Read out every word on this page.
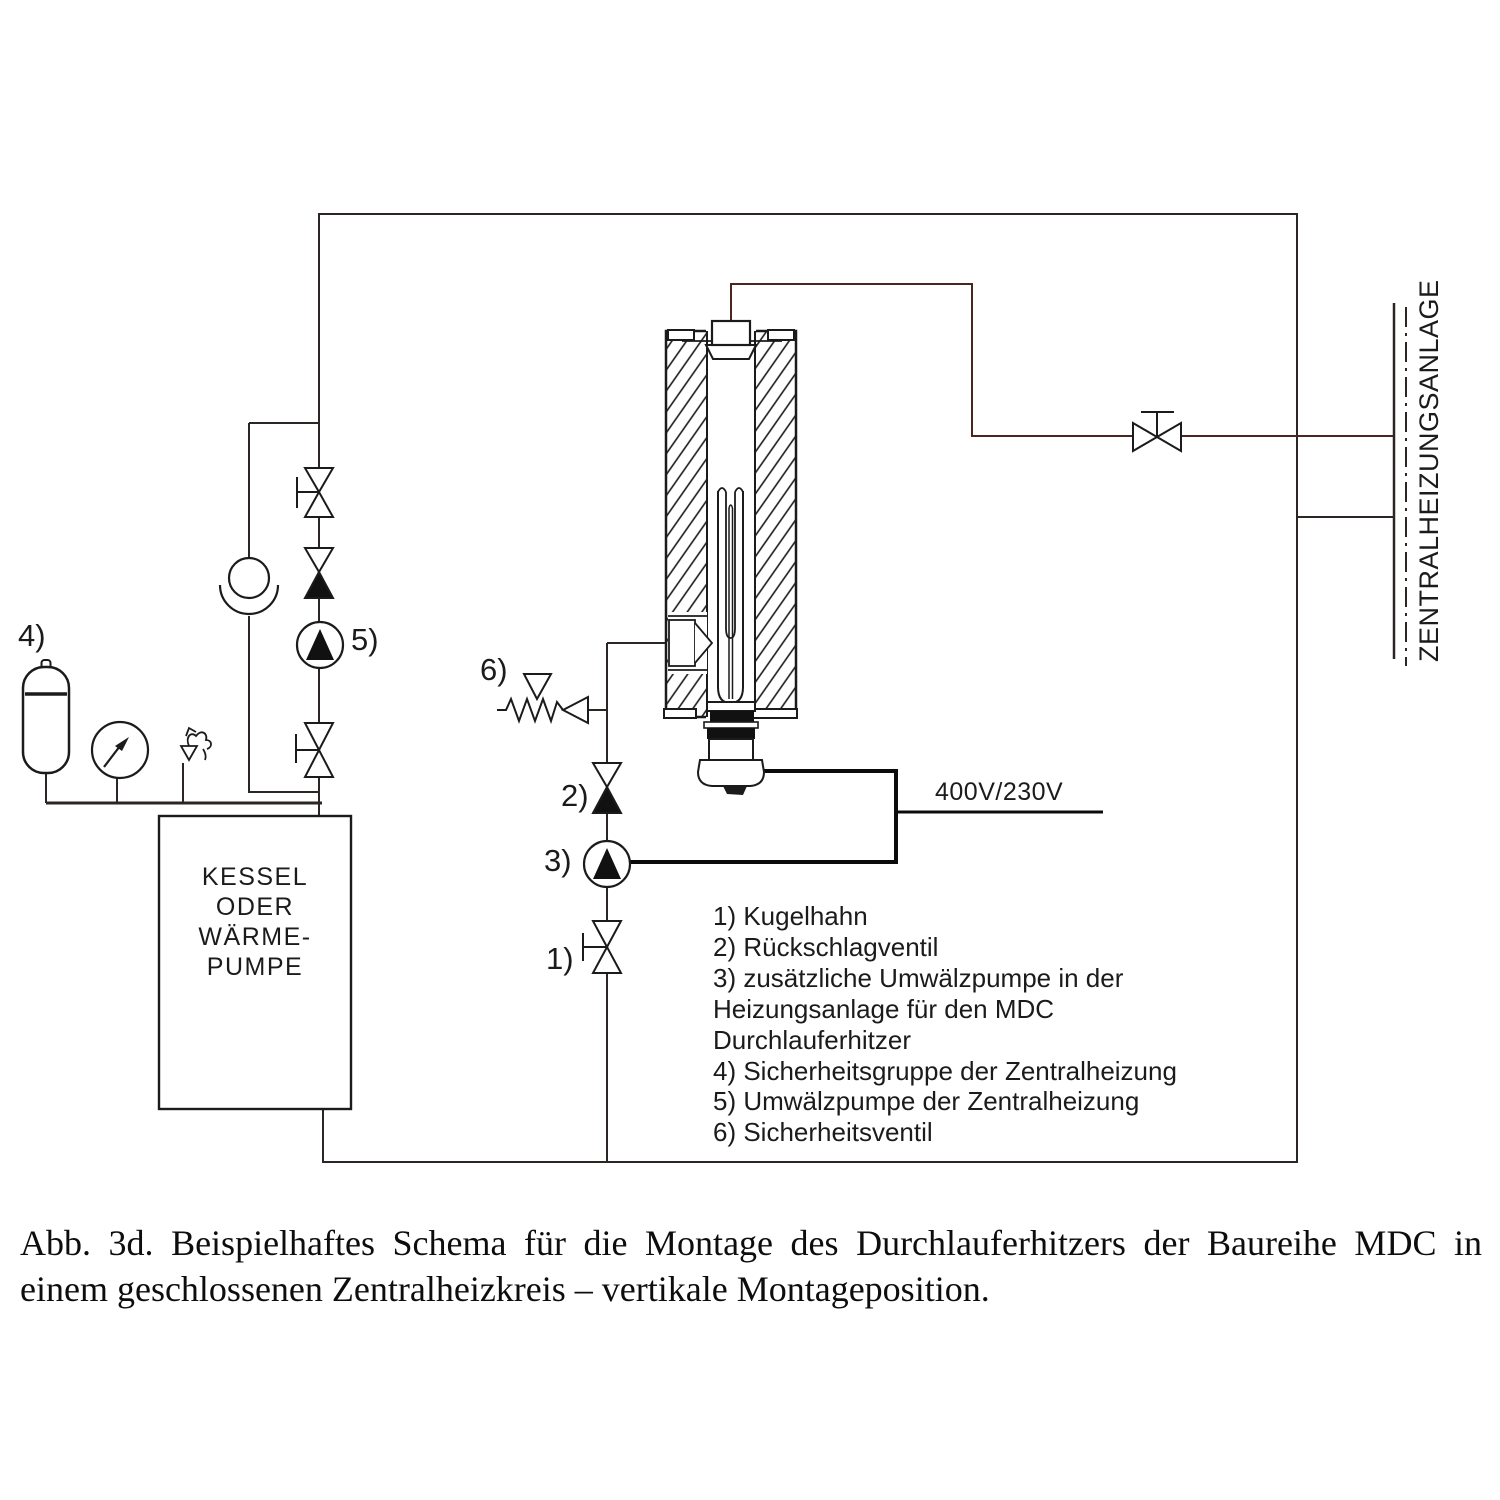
4)	5)
6)
2)
3)
1)
400V/230V
KESSEL
ODER
WÄRME-
PUMPE
ZENTRALHEIZUNGSANLAGE
1) Kugelhahn
2) Rückschlagventil
3) zusätzliche Umwälzpumpe in der
Heizungsanlage für den MDC
Durchlauferhitzer
4) Sicherheitsgruppe der Zentralheizung
5) Umwälzpumpe der Zentralheizung
6) Sicherheitsventil
Abb. 3d. Beispielhaftes Schema für die Montage des Durchlauferhitzers der Baureihe MDC in
einem geschlossenen Zentralheizkreis – vertikale Montageposition.
